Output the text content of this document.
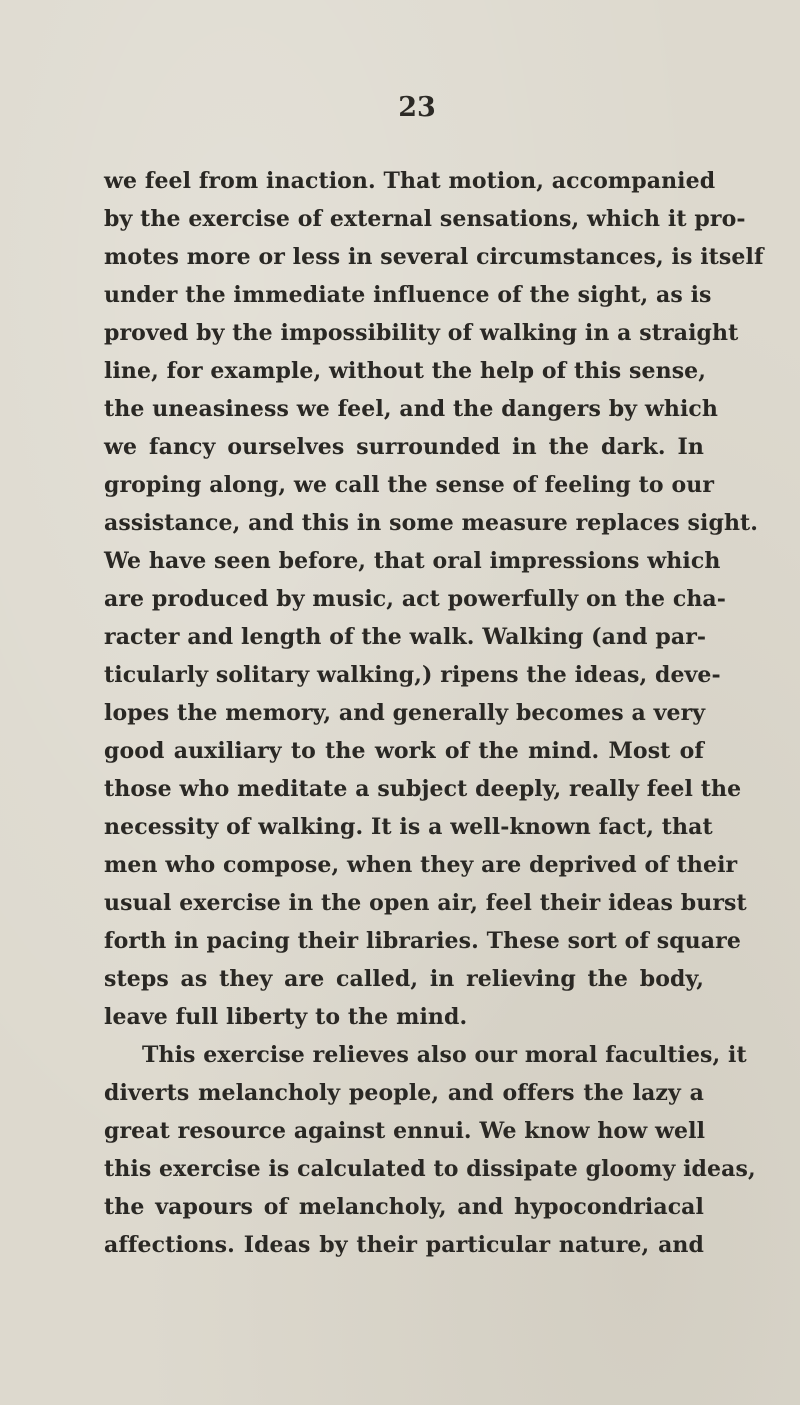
23
we feel from inaction. That motion, accompanied
by the exercise of external sensations, which it pro-
motes more or less in several circumstances, is itself
under the immediate influence of the sight, as is
proved by the impossibility of walking in a straight
line, for example, without the help of this sense,
the uneasiness we feel, and the dangers by which
we fancy ourselves surrounded in the dark. In
groping along, we call the sense of feeling to our
assistance, and this in some measure replaces sight.
We have seen before, that oral impressions which
are produced by music, act powerfully on the cha-
racter and length of the walk. Walking (and par-
ticularly solitary walking,) ripens the ideas, deve-
lopes the memory, and generally becomes a very
good auxiliary to the work of the mind. Most of
those who meditate a subject deeply, really feel the
necessity of walking. It is a well-known fact, that
men who compose, when they are deprived of their
usual exercise in the open air, feel their ideas burst
forth in pacing their libraries. These sort of square
steps as they are called, in relieving the body,
leave full liberty to the mind.
This exercise relieves also our moral faculties, it
diverts melancholy people, and offers the lazy a
great resource against ennui. We know how well
this exercise is calculated to dissipate gloomy ideas,
the vapours of melancholy, and hypocondriacal
affections. Ideas by their particular nature, and
